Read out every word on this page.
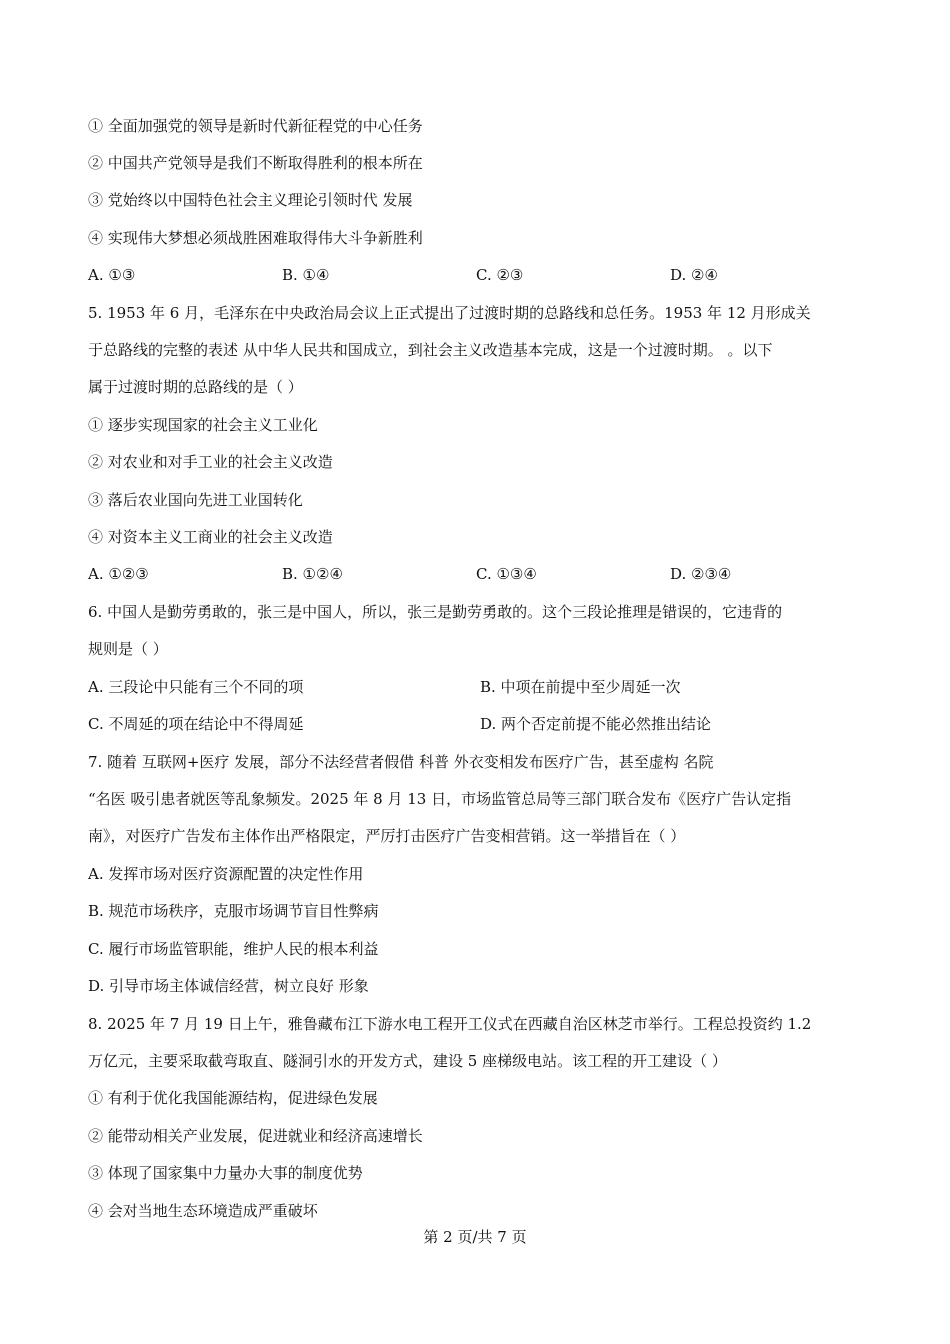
① 全面加强党的领导是新时代新征程党的中心任务
② 中国共产党领导是我们不断取得胜利的根本所在
③ 党始终以中国特色社会主义理论引领时代 发展
④ 实现伟大梦想必须战胜困难取得伟大斗争新胜利
A. ①③	B. ①④	C. ②③	D. ②④
5. 1953 年 6 月，毛泽东在中央政治局会议上正式提出了过渡时期的总路线和总任务。1953 年 12 月形成关
于总路线的完整的表述 从中华人民共和国成立，到社会主义改造基本完成，这是一个过渡时期。 。以下
属于过渡时期的总路线的是（ ）
① 逐步实现国家的社会主义工业化
② 对农业和对手工业的社会主义改造
③ 落后农业国向先进工业国转化
④ 对资本主义工商业的社会主义改造
A. ①②③	B. ①②④	C. ①③④	D. ②③④
6. 中国人是勤劳勇敢的，张三是中国人，所以，张三是勤劳勇敢的。这个三段论推理是错误的，它违背的
规则是（ ）
A. 三段论中只能有三个不同的项	B. 中项在前提中至少周延一次
C. 不周延的项在结论中不得周延	D. 两个否定前提不能必然推出结论
7. 随着 互联网+医疗 发展，部分不法经营者假借 科普 外衣变相发布医疗广告，甚至虚构 名院
“名医 吸引患者就医等乱象频发。2025 年 8 月 13 日，市场监管总局等三部门联合发布《医疗广告认定指
南》，对医疗广告发布主体作出严格限定，严厉打击医疗广告变相营销。这一举措旨在（ ）
A. 发挥市场对医疗资源配置的决定性作用
B. 规范市场秩序，克服市场调节盲目性弊病
C. 履行市场监管职能，维护人民的根本利益
D. 引导市场主体诚信经营，树立良好 形象
8. 2025 年 7 月 19 日上午，雅鲁藏布江下游水电工程开工仪式在西藏自治区林芝市举行。工程总投资约 1.2
万亿元，主要采取截弯取直、隧洞引水的开发方式，建设 5 座梯级电站。该工程的开工建设（ ）
① 有利于优化我国能源结构，促进绿色发展
② 能带动相关产业发展，促进就业和经济高速增长
③ 体现了国家集中力量办大事的制度优势
④ 会对当地生态环境造成严重破坏
第 2 页/共 7 页
